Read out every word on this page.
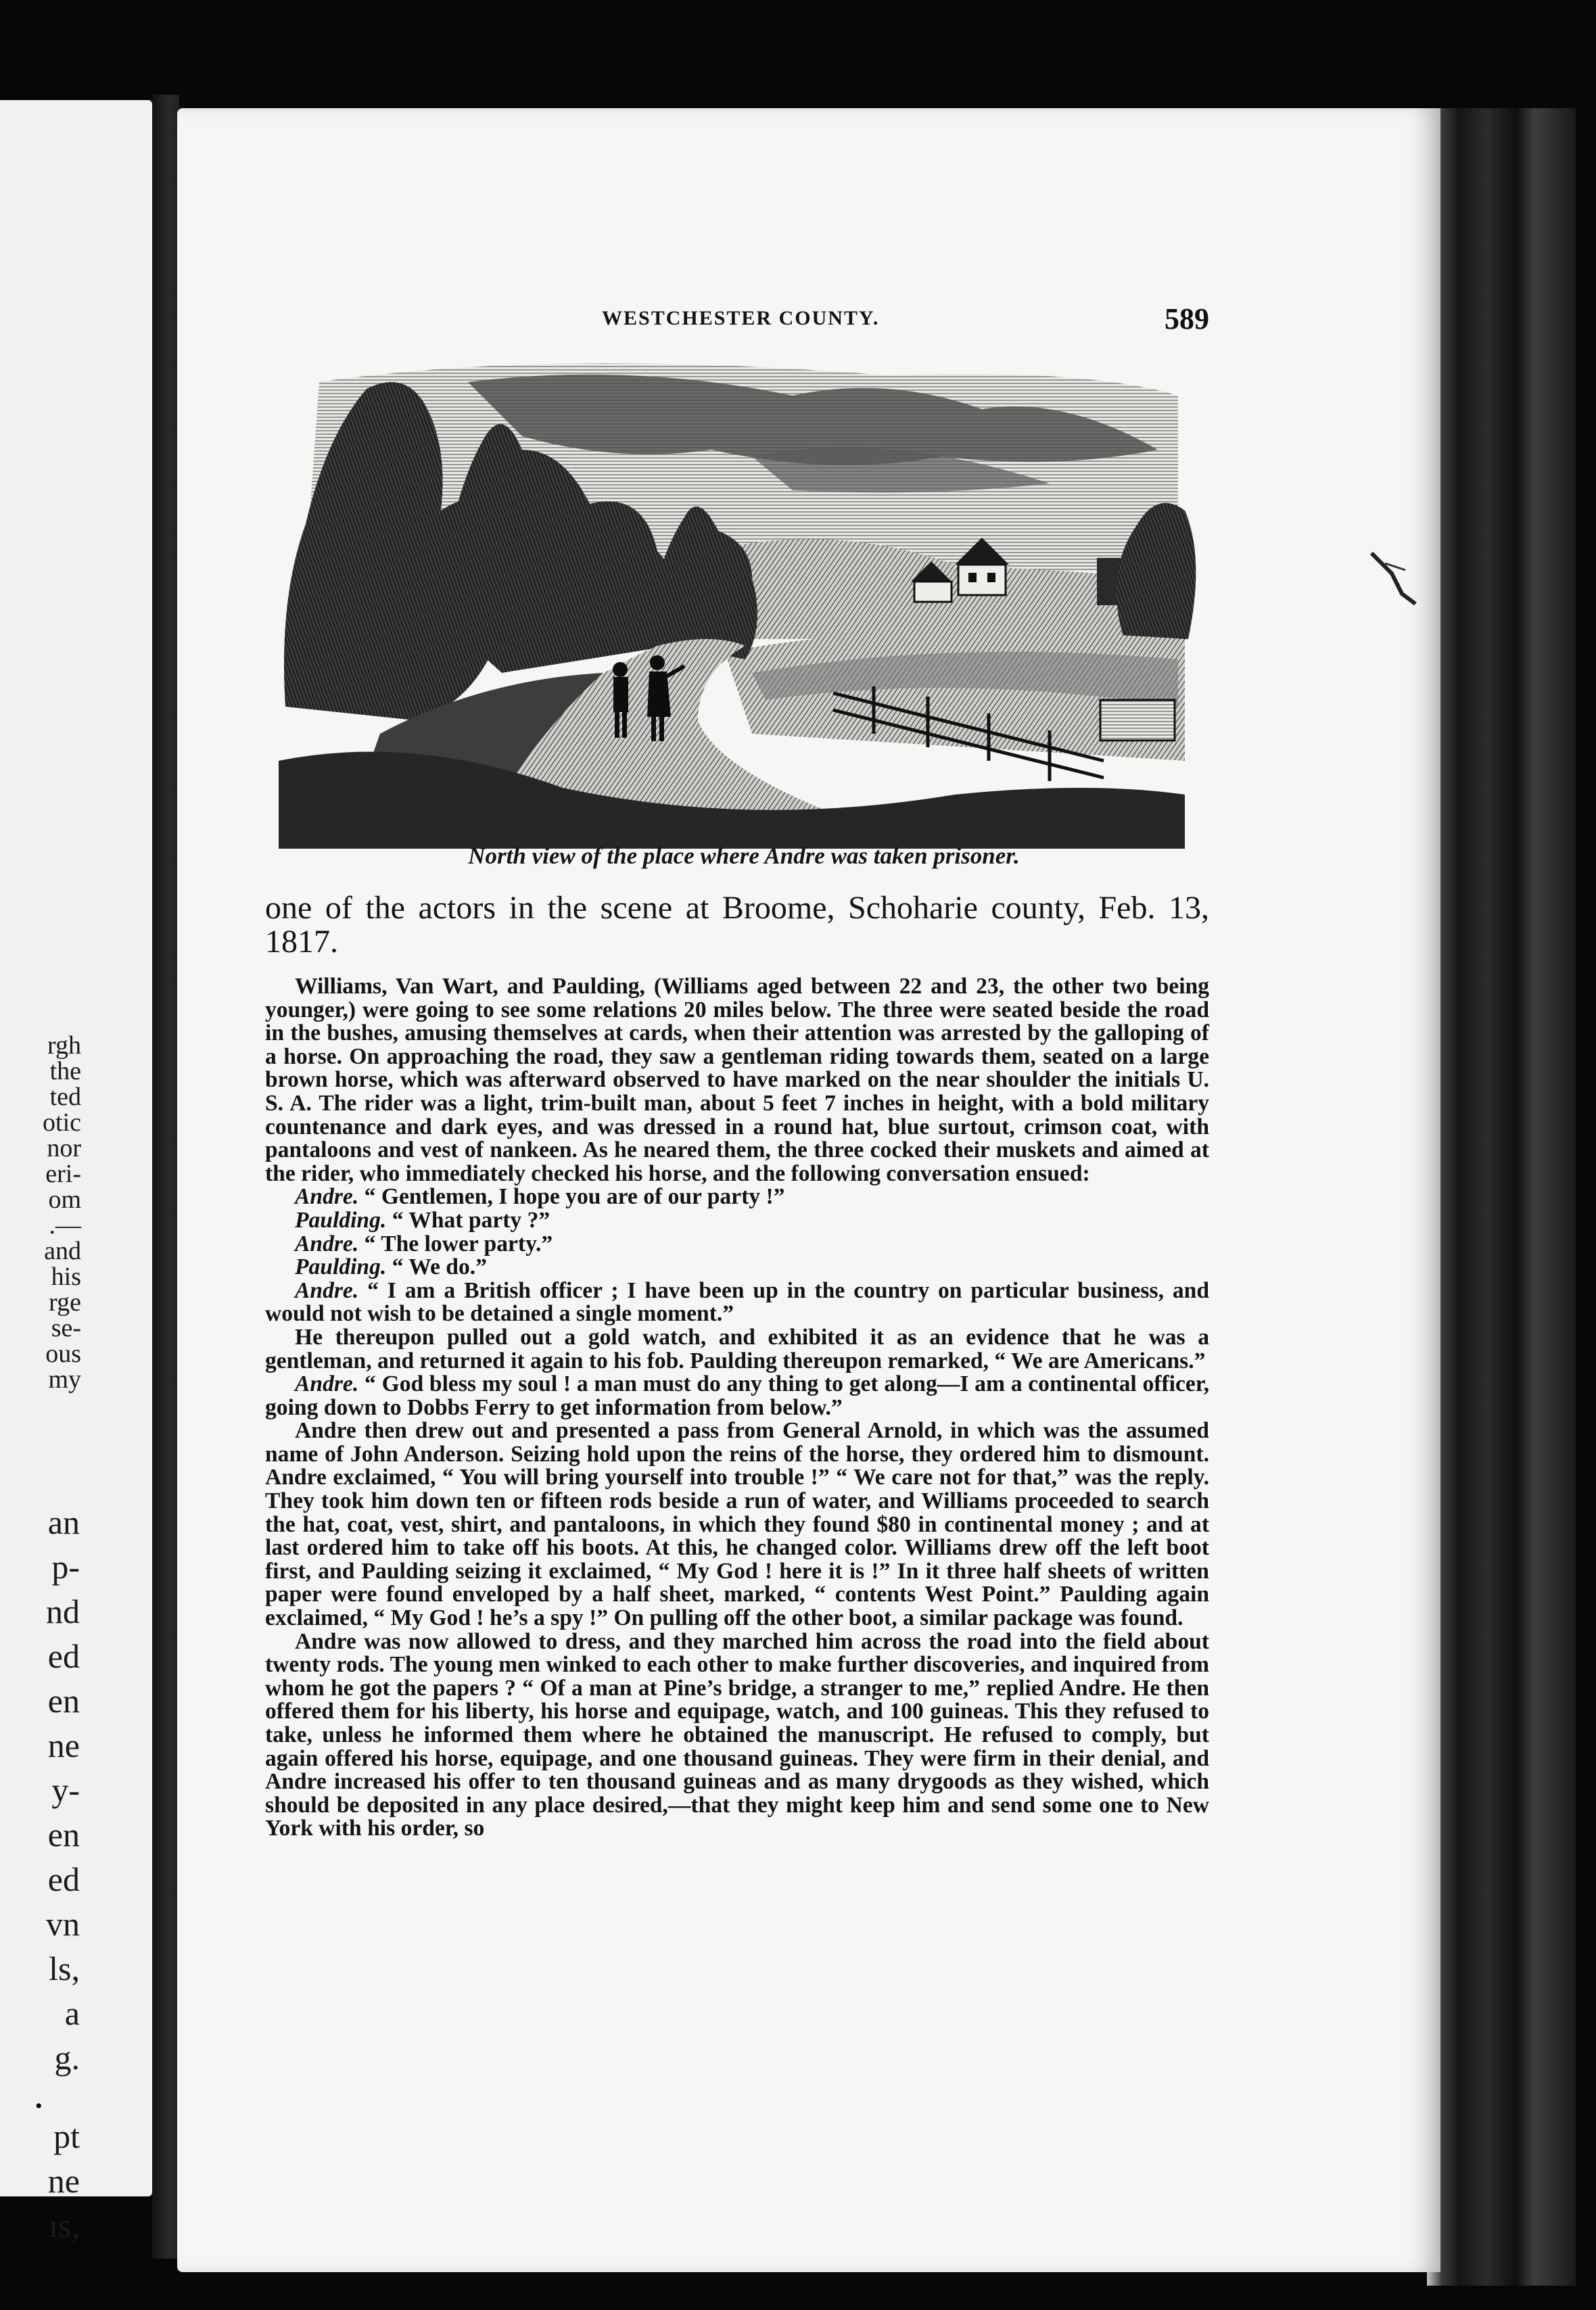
rgh
the
ted
otic
nor
eri-
om
.—
and
his
rge
se-
ous
my
an
p-
nd
ed
en
ne
y-
en
ed
vn
ls,
a
g.
pt
ne
ıs,
•
WESTCHESTER COUNTY.	589
North view of the place where Andre was taken prisoner.
one of the actors in the scene at Broome, Schoharie county, Feb. 13, 1817.

Williams, Van Wart, and Paulding, (Williams aged between 22 and 23, the other two being younger,) were going to see some relations 20 miles below. The three were seated beside the road in the bushes, amusing themselves at cards, when their attention was arrested by the galloping of a horse. On approaching the road, they saw a gentleman riding towards them, seated on a large brown horse, which was afterward observed to have marked on the near shoulder the initials U. S. A. The rider was a light, trim-built man, about 5 feet 7 inches in height, with a bold military countenance and dark eyes, and was dressed in a round hat, blue surtout, crimson coat, with pantaloons and vest of nankeen. As he neared them, the three cocked their muskets and aimed at the rider, who immediately checked his horse, and the following conversation ensued:

Andre. “ Gentlemen, I hope you are of our party !”

Paulding. “ What party ?”

Andre. “ The lower party.”

Paulding. “ We do.”

Andre. “ I am a British officer ; I have been up in the country on particular business, and would not wish to be detained a single moment.”

He thereupon pulled out a gold watch, and exhibited it as an evidence that he was a gentleman, and returned it again to his fob. Paulding thereupon remarked, “ We are Americans.”

Andre. “ God bless my soul ! a man must do any thing to get along—I am a continental officer, going down to Dobbs Ferry to get information from below.”

Andre then drew out and presented a pass from General Arnold, in which was the assumed name of John Anderson. Seizing hold upon the reins of the horse, they ordered him to dismount. Andre exclaimed, “ You will bring yourself into trouble !” “ We care not for that,” was the reply. They took him down ten or fifteen rods beside a run of water, and Williams proceeded to search the hat, coat, vest, shirt, and pantaloons, in which they found $80 in continental money ; and at last ordered him to take off his boots. At this, he changed color. Williams drew off the left boot first, and Paulding seizing it exclaimed, “ My God ! here it is !” In it three half sheets of written paper were found enveloped by a half sheet, marked, “ contents West Point.” Paulding again exclaimed, “ My God ! he’s a spy !” On pulling off the other boot, a similar package was found.

Andre was now allowed to dress, and they marched him across the road into the field about twenty rods. The young men winked to each other to make further discoveries, and inquired from whom he got the papers ? “ Of a man at Pine’s bridge, a stranger to me,” replied Andre. He then offered them for his liberty, his horse and equipage, watch, and 100 guineas. This they refused to take, unless he informed them where he obtained the manuscript. He refused to comply, but again offered his horse, equipage, and one thousand guineas. They were firm in their denial, and Andre increased his offer to ten thousand guineas and as many drygoods as they wished, which should be deposited in any place desired,—that they might keep him and send some one to New York with his order, so
